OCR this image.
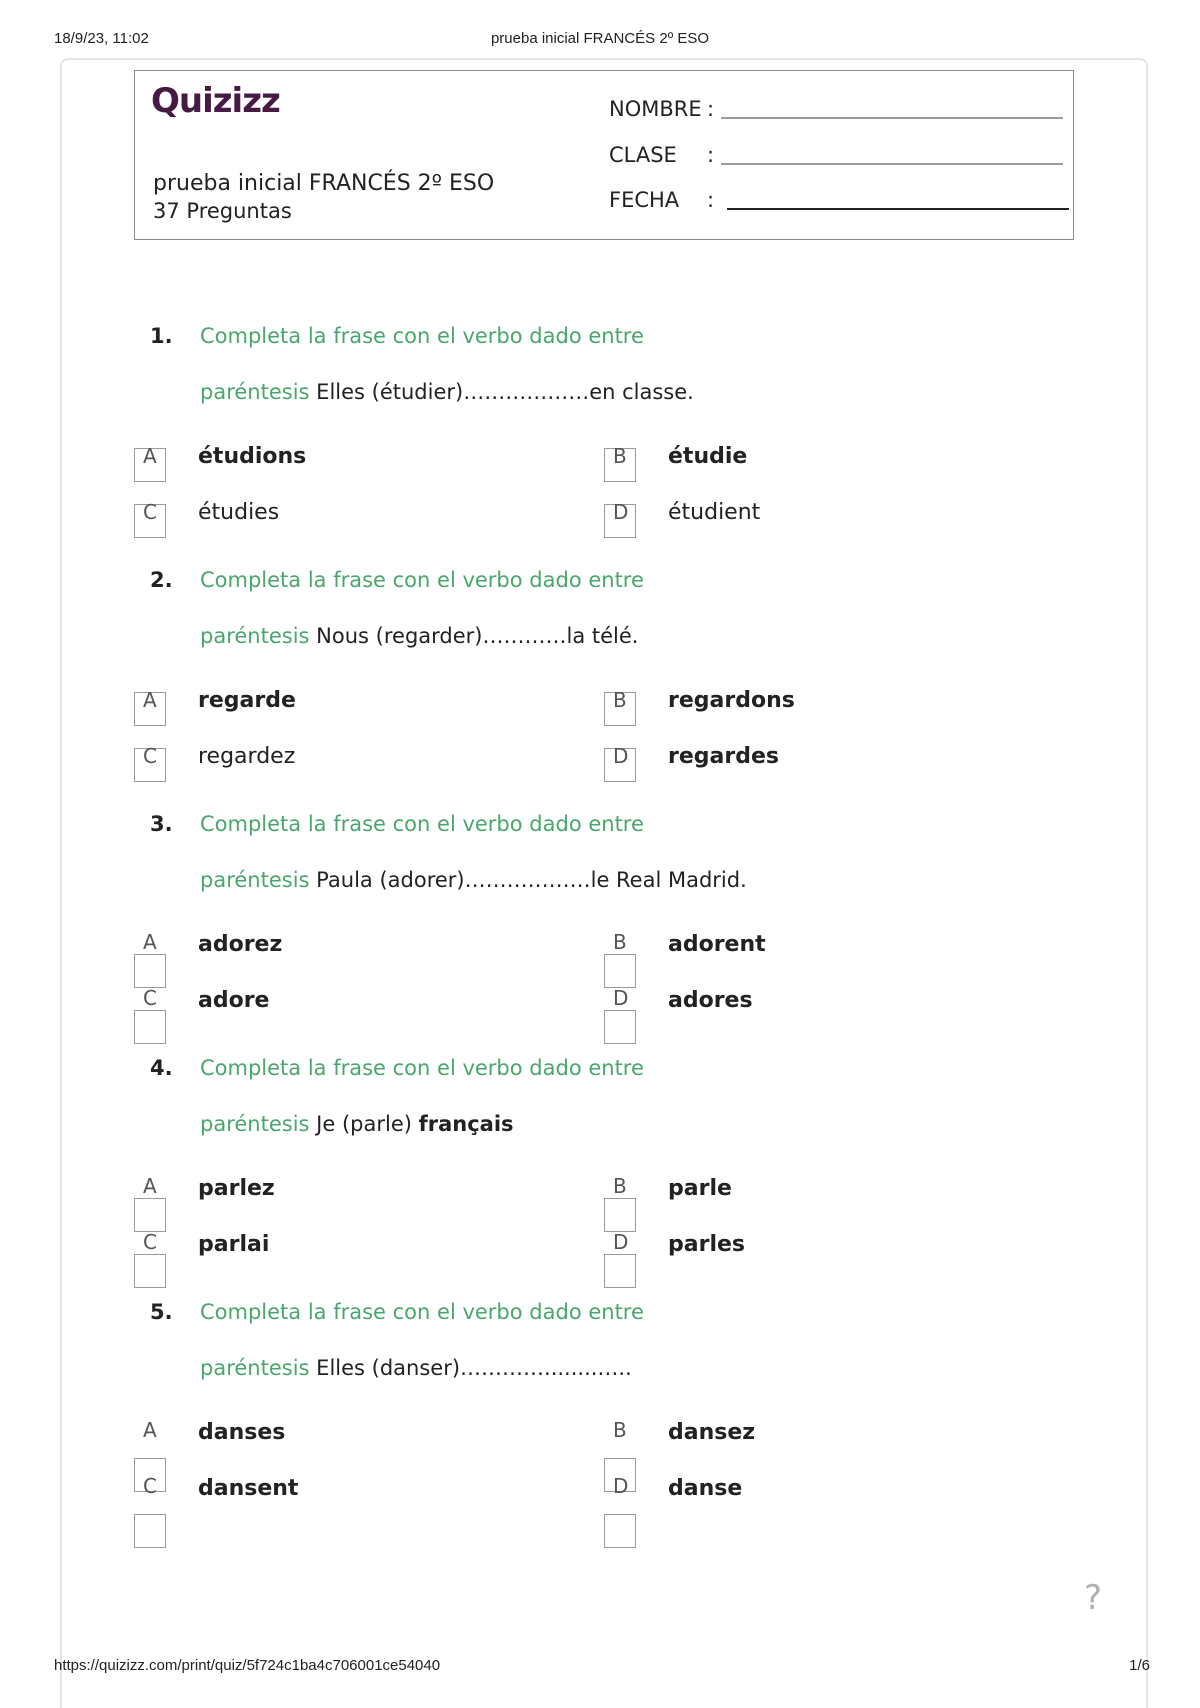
18/9/23, 11:02	prueba inicial FRANCÉS 2º ESO
Quizizz
prueba inicial FRANCÉS 2º ESO
37 Preguntas
NOMBRE :
CLASE :
FECHA :
1. Completa la frase con el verbo dado entre
paréntesis Elles (étudier)………………en classe.
A étudions	B étudie
C étudies	D étudient
2. Completa la frase con el verbo dado entre
paréntesis Nous (regarder)…………la télé.
A regarde	B regardons
C regardez	D regardes
3. Completa la frase con el verbo dado entre
paréntesis Paula (adorer)………………le Real Madrid.
A adorez	B adorent
C adore	D adores
4. Completa la frase con el verbo dado entre
paréntesis Je (parle) français
A parlez	B parle
C parlai	D parles
5. Completa la frase con el verbo dado entre
paréntesis Elles (danser)…………........…..
A danses	B dansez
C dansent	D danse
?
https://quizizz.com/print/quiz/5f724c1ba4c706001ce54040	1/6
